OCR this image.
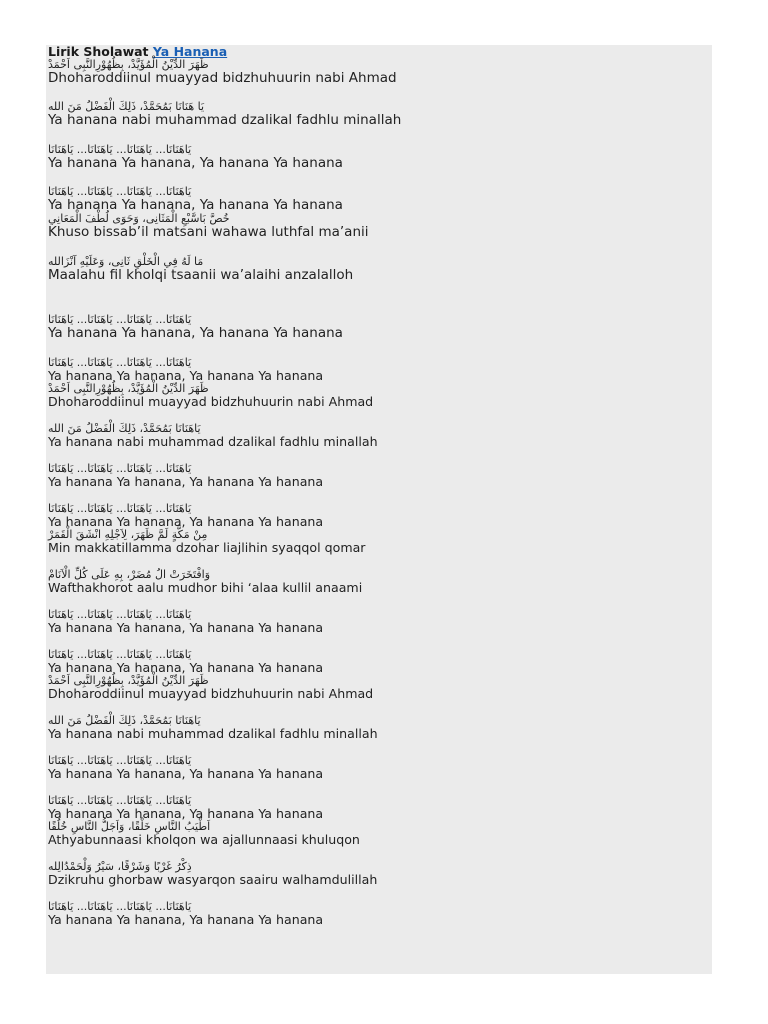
Lirik Sholawat Ya Hanana
ظَهَرَ الدِّيْنُ الْمُؤَيَّدْ، بِظُهُوْرِالنَّبِى اَحْمَدْ
Dhoharoddiinul muayyad bidzhuhuurin nabi Ahmad
يَا هَنَانَا بَمُحَمَّدْ، ذَلِكَ الْفَضْلُ مَنَ الله
Ya hanana nabi muhammad dzalikal fadhlu minallah
يَاهَنَانَا... يَاهَنَانَا... يَاهَنَانَا... يَاهَنَانَا
Ya hanana Ya hanana, Ya hanana Ya hanana
يَاهَنَانَا... يَاهَنَانَا... يَاهَنَانَا... يَاهَنَانَا
Ya hanana Ya hanana, Ya hanana Ya hanana
خُصَّ بَاسَّبْعِ الْمَثَانِى، وَحَوَى لُطْفَ الْمَعَانِي
Khuso bissab’il matsani wahawa luthfal ma’anii
مَا لَهُ فِي الْخَلْقِ ثَانِى، وَعَلَيْهِ آنْزَالله
Maalahu fil kholqi tsaanii wa’alaihi anzalalloh
يَاهَنَانَا... يَاهَنَانَا... يَاهَنَانَا... يَاهَنَانَا
Ya hanana Ya hanana, Ya hanana Ya hanana
يَاهَنَانَا... يَاهَنَانَا... يَاهَنَانَا... يَاهَنَانَا
Ya hanana Ya hanana, Ya hanana Ya hanana
ظَهَرَ الدِّيْنُ الْمُؤَيَّدْ، بِظُهُوْرِالنَّبِى اَحْمَدْ
Dhoharoddiinul muayyad bidzhuhuurin nabi Ahmad
يَاهَنَانَا بَمُحَمَّدْ، ذَلِكَ الْفَضْلُ مَنَ الله
Ya hanana nabi muhammad dzalikal fadhlu minallah
يَاهَنَانَا... يَاهَنَانَا... يَاهَنَانَا... يَاهَنَانَا
Ya hanana Ya hanana, Ya hanana Ya hanana
يَاهَنَانَا... يَاهَنَانَا... يَاهَنَانَا... يَاهَنَانَا
Ya hanana Ya hanana, Ya hanana Ya hanana
مِنْ مَكَّةٍ لَمَّ ظَهَرَ، لِاَجْلِهِ انْشَقَ الْقَمَرْ
Min makkatillamma dzohar liajlihin syaqqol qomar
وَافْتَخَرَتْ الُ مُضَرْ، بِهِ عَلَى كُلِّ الْاَنَامْ
Wafthakhorot aalu mudhor bihi ‘alaa kullil anaami
يَاهَنَانَا... يَاهَنَانَا... يَاهَنَانَا... يَاهَنَانَا
Ya hanana Ya hanana, Ya hanana Ya hanana
يَاهَنَانَا... يَاهَنَانَا... يَاهَنَانَا... يَاهَنَانَا
Ya hanana Ya hanana, Ya hanana Ya hanana
ظَهَرَ الدِّيْنُ الْمُؤَيَّدْ، بِظُهُوْرِالنَّبِى اَحْمَدْ
Dhoharoddiinul muayyad bidzhuhuurin nabi Ahmad
يَاهَنَانَا بَمُحَمَّدْ، ذَلِكَ الْفَضْلُ مَنَ الله
Ya hanana nabi muhammad dzalikal fadhlu minallah
يَاهَنَانَا... يَاهَنَانَا... يَاهَنَانَا... يَاهَنَانَا
Ya hanana Ya hanana, Ya hanana Ya hanana
يَاهَنَانَا... يَاهَنَانَا... يَاهَنَانَا... يَاهَنَانَا
Ya hanana Ya hanana, Ya hanana Ya hanana
اَطْيَبُ النَّاسِ خَلْقًا، وَاَجَلُّ النَّاسِ خُلُقًا
Athyabunnaasi kholqon wa ajallunnaasi khuluqon
ذِكْرُ غَرْبًا وَشَرْقًا، سَيْرُ وَلْحَمْدُالِله
Dzikruhu ghorbaw wasyarqon saairu walhamdulillah
يَاهَنَانَا... يَاهَنَانَا... يَاهَنَانَا... يَاهَنَانَا
Ya hanana Ya hanana, Ya hanana Ya hanana
